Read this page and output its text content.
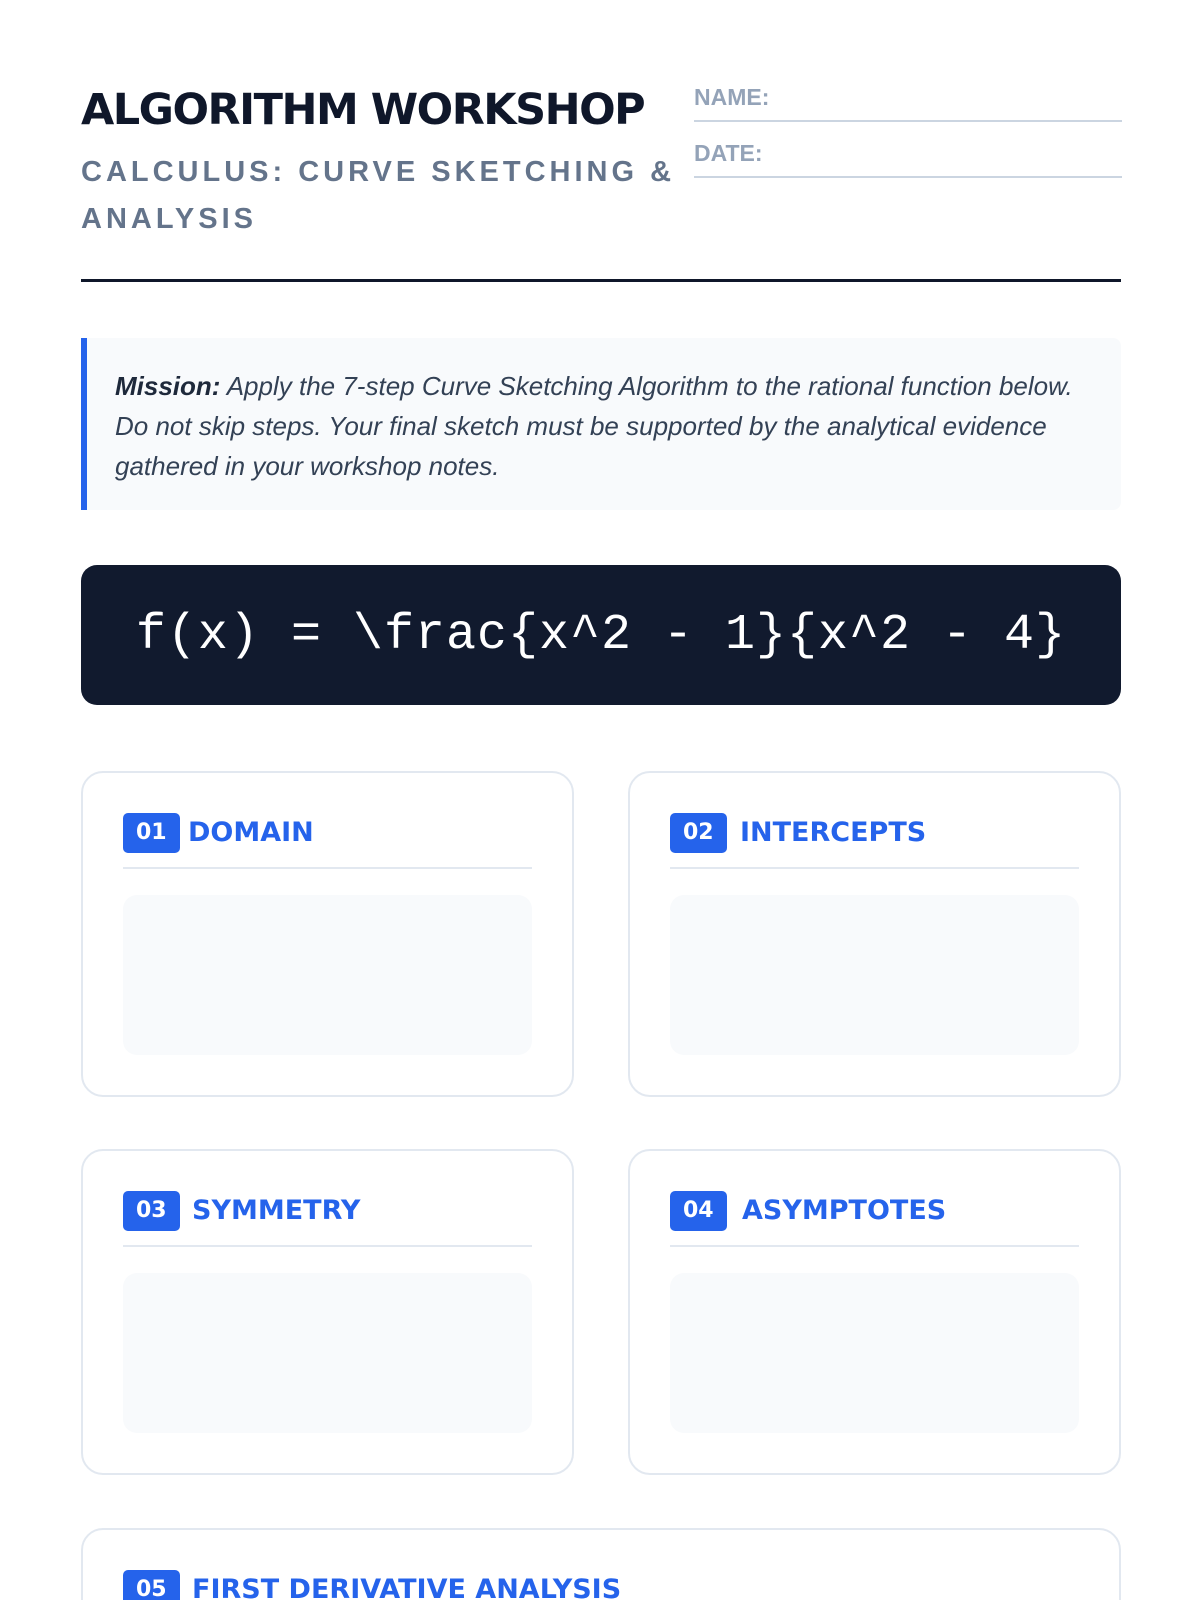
ALGORITHM WORKSHOP
CALCULUS: CURVE SKETCHING & ANALYSIS
NAME:
DATE:
Mission: Apply the 7-step Curve Sketching Algorithm to the rational function below. Do not skip steps. Your final sketch must be supported by the analytical evidence gathered in your workshop notes.
f(x) = \frac{x^2 - 1}{x^2 - 4}
01 DOMAIN	02 INTERCEPTS
03 SYMMETRY	04	ASYMPTOTES
05 FIRST DERIVATIVE ANALYSIS
